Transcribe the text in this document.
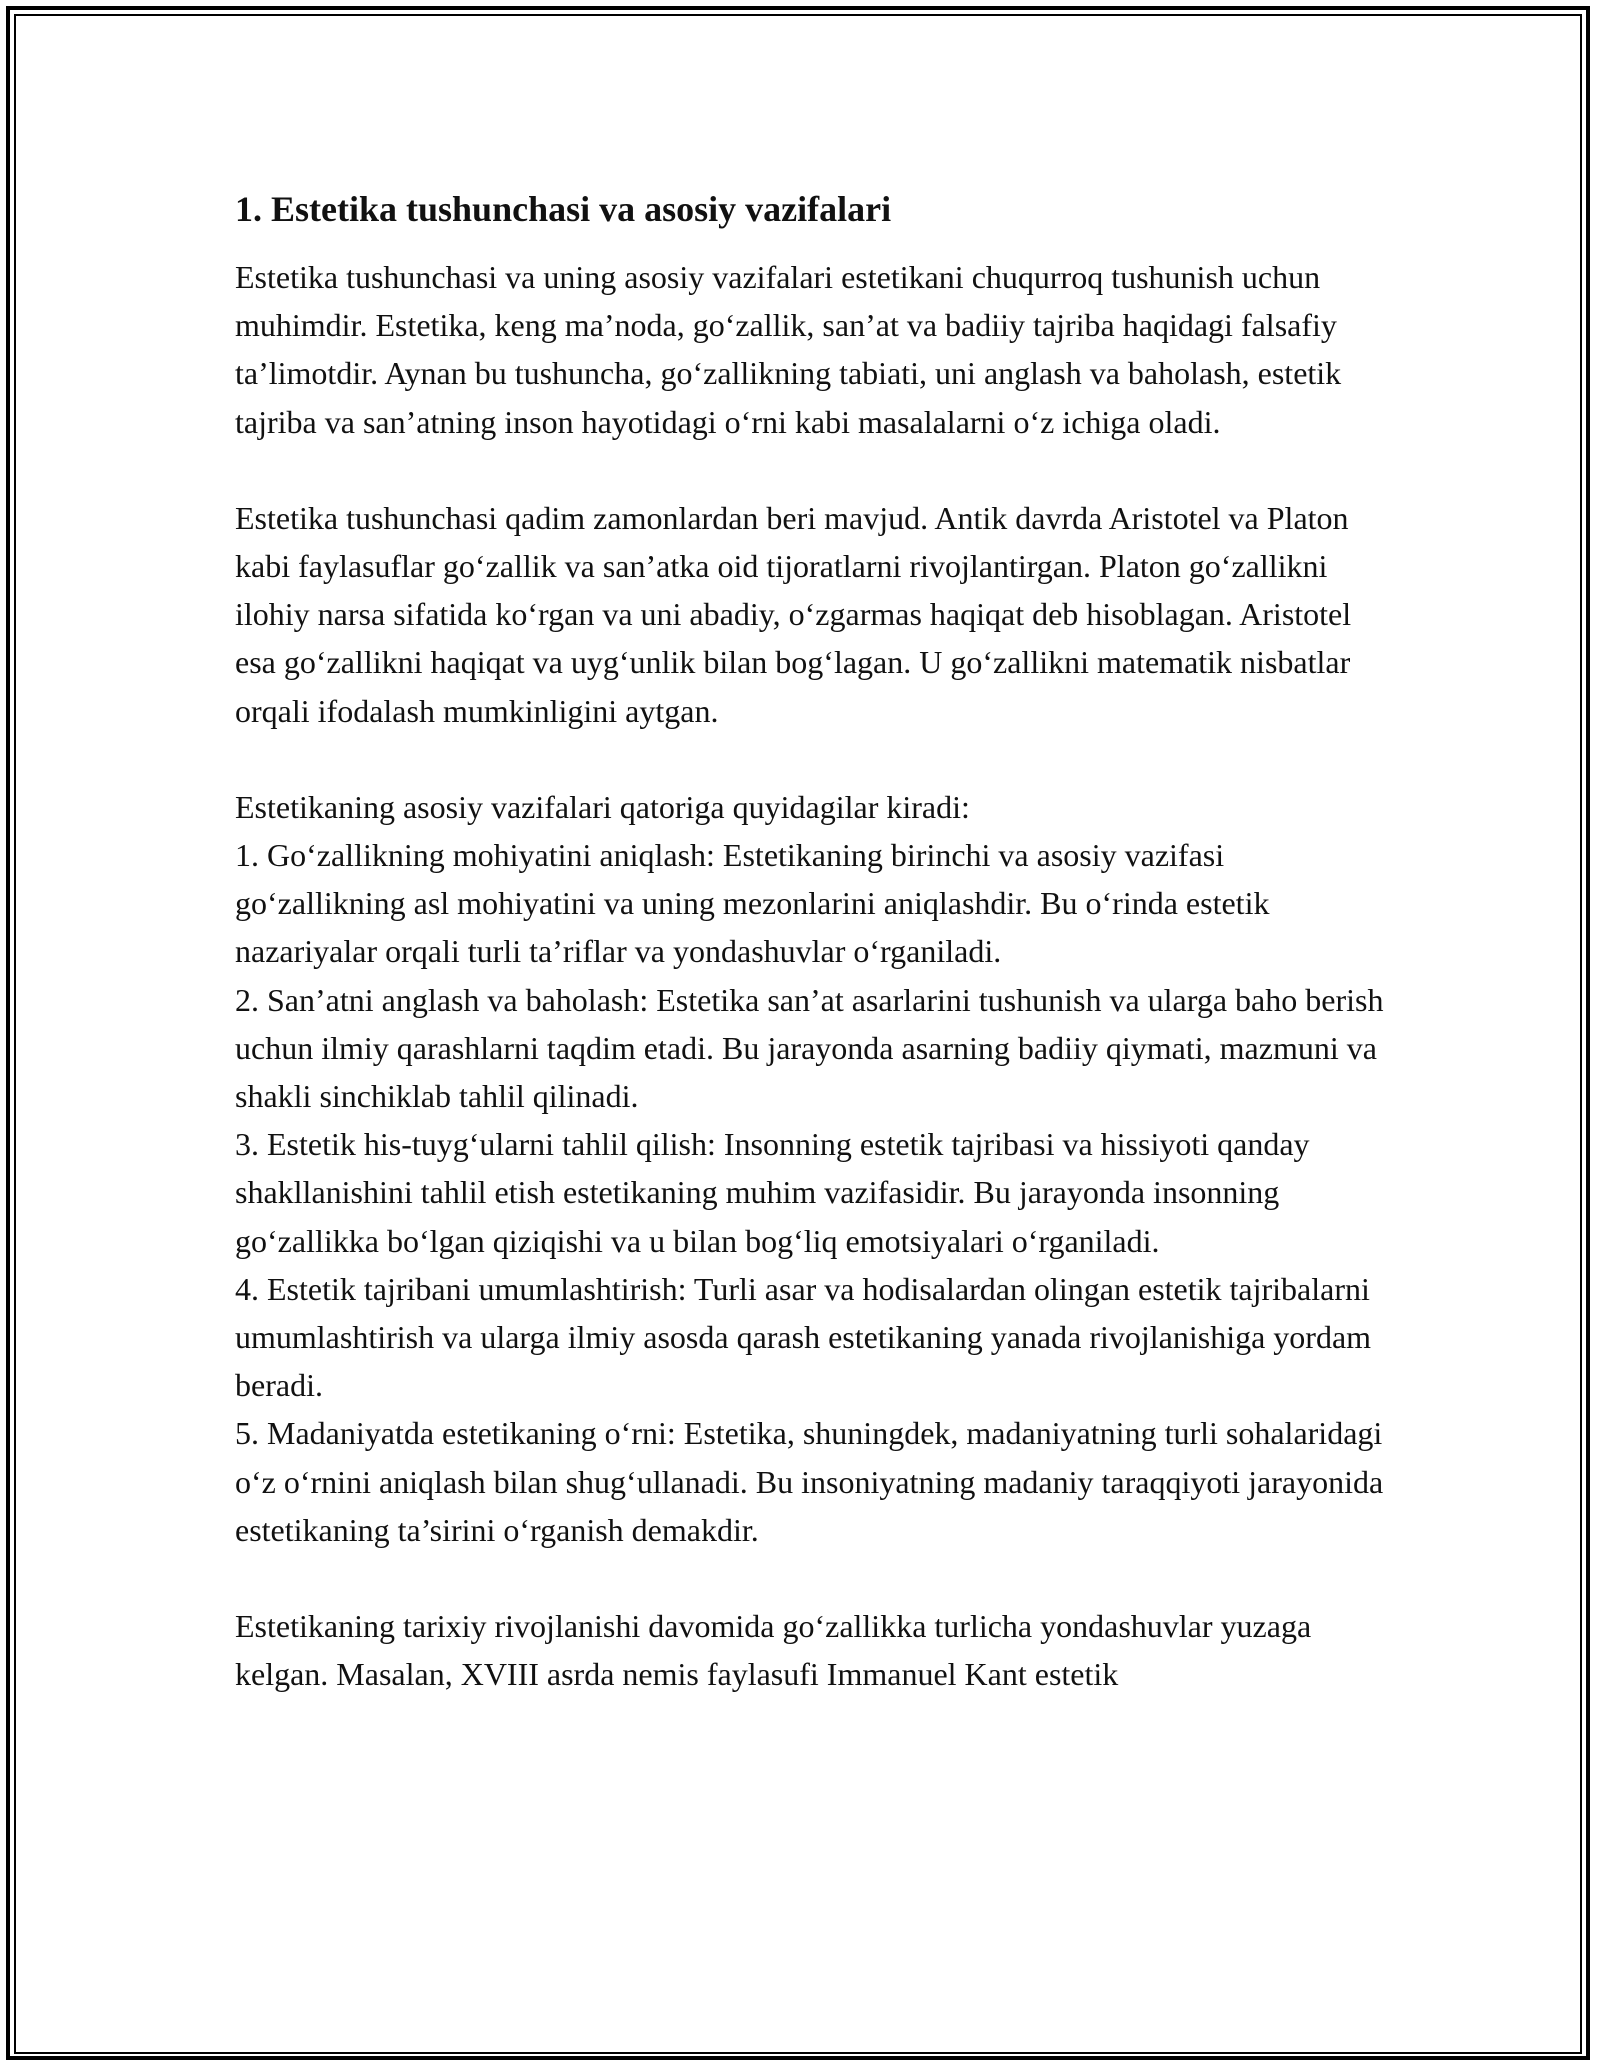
1. Estetika tushunchasi va asosiy vazifalari

Estetika tushunchasi va uning asosiy vazifalari estetikani chuqurroq tushunish uchun muhimdir. Estetika, keng ma’noda, go‘zallik, san’at va badiiy tajriba haqidagi falsafiy ta’limotdir. Aynan bu tushuncha, go‘zallikning tabiati, uni anglash va baholash, estetik tajriba va san’atning inson hayotidagi o‘rni kabi masalalarni o‘z ichiga oladi.

Estetika tushunchasi qadim zamonlardan beri mavjud. Antik davrda Aristotel va Platon kabi faylasuflar go‘zallik va san’atka oid tijoratlarni rivojlantirgan. Platon go‘zallikni ilohiy narsa sifatida ko‘rgan va uni abadiy, o‘zgarmas haqiqat deb hisoblagan. Aristotel esa go‘zallikni haqiqat va uyg‘unlik bilan bog‘lagan. U go‘zallikni matematik nisbatlar orqali ifodalash mumkinligini aytgan.

Estetikaning asosiy vazifalari qatoriga quyidagilar kiradi:
1. Go‘zallikning mohiyatini aniqlash: Estetikaning birinchi va asosiy vazifasi go‘zallikning asl mohiyatini va uning mezonlarini aniqlashdir. Bu o‘rinda estetik nazariyalar orqali turli ta’riflar va yondashuvlar o‘rganiladi.
2. San’atni anglash va baholash: Estetika san’at asarlarini tushunish va ularga baho berish uchun ilmiy qarashlarni taqdim etadi. Bu jarayonda asarning badiiy qiymati, mazmuni va shakli sinchiklab tahlil qilinadi.
3. Estetik his-tuyg‘ularni tahlil qilish: Insonning estetik tajribasi va hissiyoti qanday shakllanishini tahlil etish estetikaning muhim vazifasidir. Bu jarayonda insonning go‘zallikka bo‘lgan qiziqishi va u bilan bog‘liq emotsiyalari o‘rganiladi.
4. Estetik tajribani umumlashtirish: Turli asar va hodisalardan olingan estetik tajribalarni umumlashtirish va ularga ilmiy asosda qarash estetikaning yanada rivojlanishiga yordam beradi.
5. Madaniyatda estetikaning o‘rni: Estetika, shuningdek, madaniyatning turli sohalaridagi o‘z o‘rnini aniqlash bilan shug‘ullanadi. Bu insoniyatning madaniy taraqqiyoti jarayonida estetikaning ta’sirini o‘rganish demakdir.

Estetikaning tarixiy rivojlanishi davomida go‘zallikka turlicha yondashuvlar yuzaga kelgan. Masalan, XVIII asrda nemis faylasufi Immanuel Kant estetik
